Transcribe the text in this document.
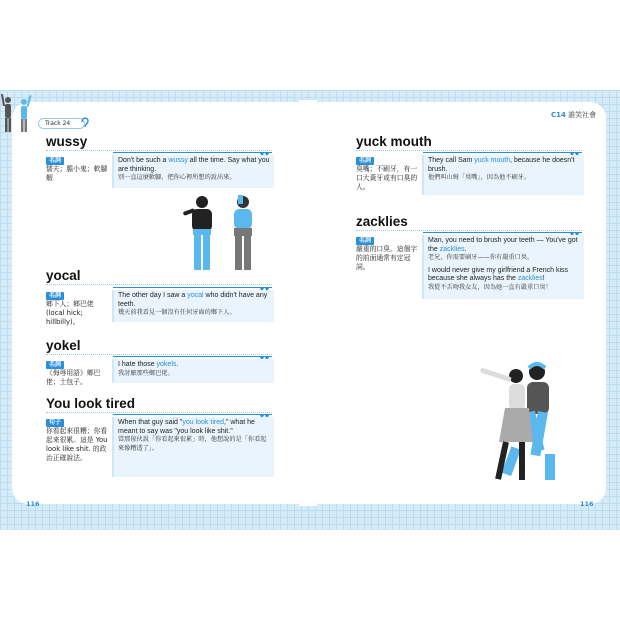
Track 24
C14 誰笑社會
wussy
名詞
懦夫；膽小鬼；軟腳蝦
Don't be such a wussy all the time. Say what you are thinking.
別一直這麼軟腳，把你心裡所想的說出來。
yocal
名詞
鄉下人；鄉巴佬 (local hick; hillbilly)。
The other day I saw a yocal who didn't have any teeth.
幾天前我看見一個沒有任何牙齒的鄉下人。
yokel
名詞
《侮辱用語》鄉巴佬；土包子。
I hate those yokels.
我討厭那些鄉巴佬。
You look tired
句子
你看起來很糟；你看起來很累。這是 You look like shit. 的政治正確說法。
When that guy said "you look tired," what he meant to say was "you look like shit."
當那傢伙說「你看起來很累」時，他想說的是「你看起來像糟透了」。
116
yuck mouth
名詞
臭嘴；不刷牙，有一口大黃牙或有口臭的人。
They call Sam yuck mouth, because he doesn't brush.
他們叫山姆「臭嘴」，因為他不刷牙。
zacklies
名詞
嚴重的口臭。這個字的前面通常有定冠詞。
Man, you need to brush your teeth — You've got the zacklies.
老兄，你需要刷牙——你有嚴重口臭。
I would never give my girlfriend a French kiss because she always has the zacklies!
我從不舌吻我女友，因為她一直有嚴重口臭！
116
